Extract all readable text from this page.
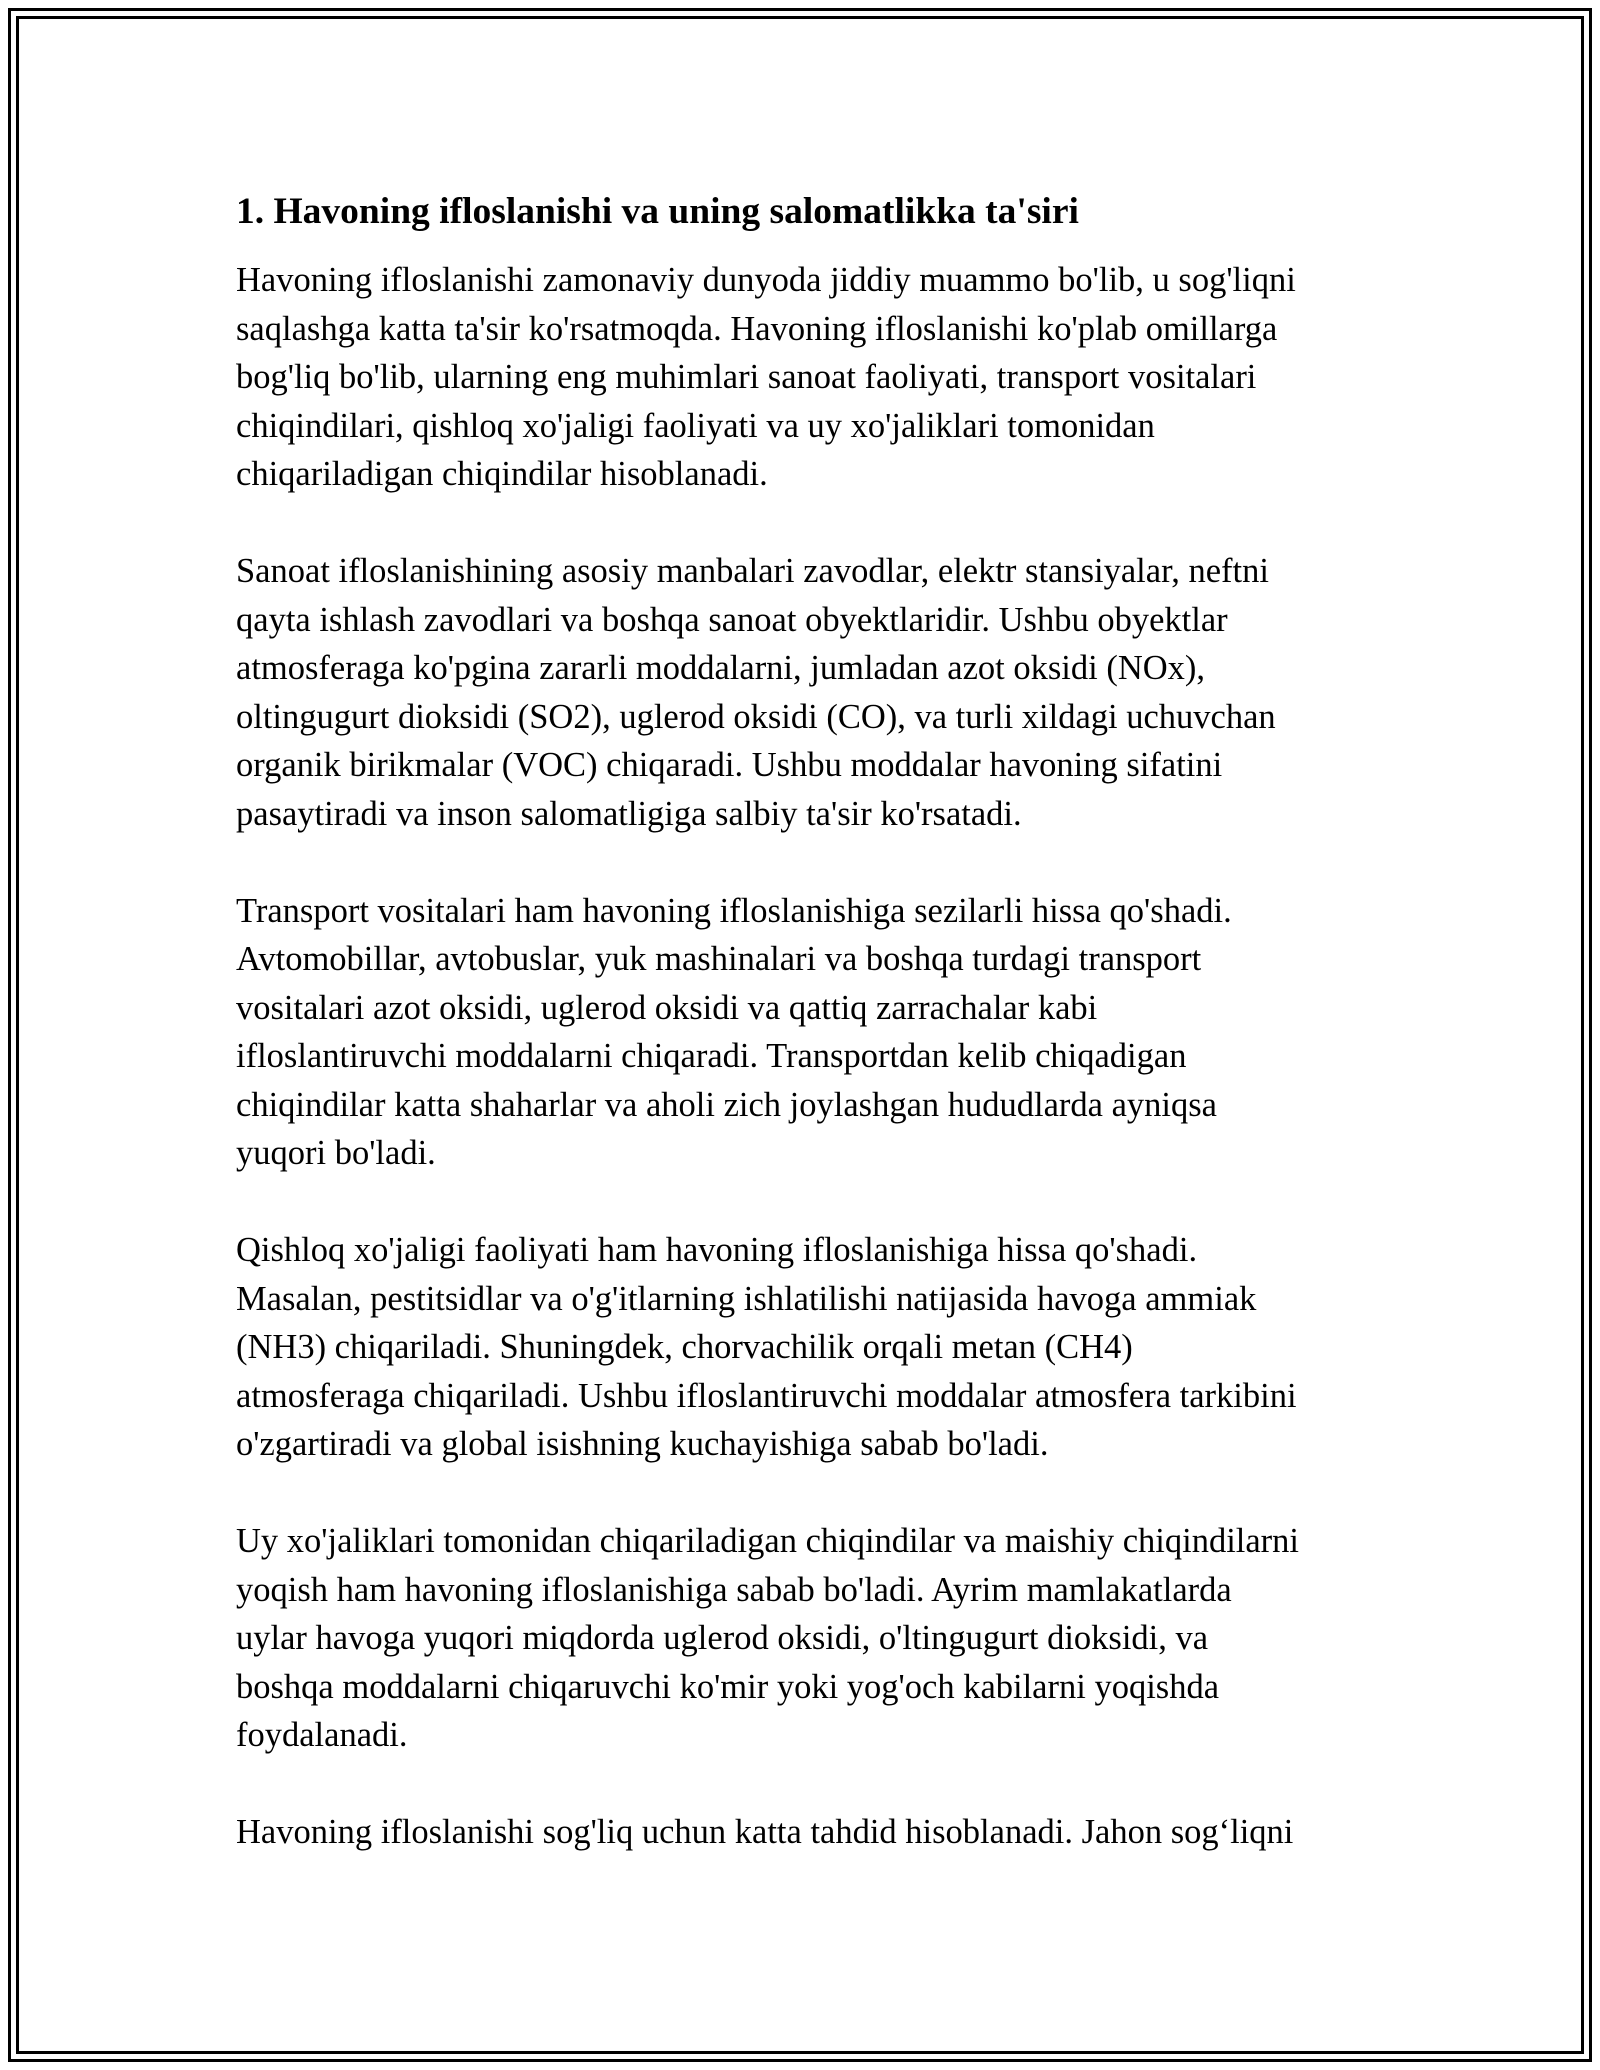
1. Havoning ifloslanishi va uning salomatlikka ta'siri

Havoning ifloslanishi zamonaviy dunyoda jiddiy muammo bo'lib, u sog'liqni
saqlashga katta ta'sir ko'rsatmoqda. Havoning ifloslanishi ko'plab omillarga
bog'liq bo'lib, ularning eng muhimlari sanoat faoliyati, transport vositalari
chiqindilari, qishloq xo'jaligi faoliyati va uy xo'jaliklari tomonidan
chiqariladigan chiqindilar hisoblanadi.

Sanoat ifloslanishining asosiy manbalari zavodlar, elektr stansiyalar, neftni
qayta ishlash zavodlari va boshqa sanoat obyektlaridir. Ushbu obyektlar
atmosferaga ko'pgina zararli moddalarni, jumladan azot oksidi (NOx),
oltingugurt dioksidi (SO2), uglerod oksidi (CO), va turli xildagi uchuvchan
organik birikmalar (VOC) chiqaradi. Ushbu moddalar havoning sifatini
pasaytiradi va inson salomatligiga salbiy ta'sir ko'rsatadi.

Transport vositalari ham havoning ifloslanishiga sezilarli hissa qo'shadi.
Avtomobillar, avtobuslar, yuk mashinalari va boshqa turdagi transport
vositalari azot oksidi, uglerod oksidi va qattiq zarrachalar kabi
ifloslantiruvchi moddalarni chiqaradi. Transportdan kelib chiqadigan
chiqindilar katta shaharlar va aholi zich joylashgan hududlarda ayniqsa
yuqori bo'ladi.

Qishloq xo'jaligi faoliyati ham havoning ifloslanishiga hissa qo'shadi.
Masalan, pestitsidlar va o'g'itlarning ishlatilishi natijasida havoga ammiak
(NH3) chiqariladi. Shuningdek, chorvachilik orqali metan (CH4)
atmosferaga chiqariladi. Ushbu ifloslantiruvchi moddalar atmosfera tarkibini
o'zgartiradi va global isishning kuchayishiga sabab bo'ladi.

Uy xo'jaliklari tomonidan chiqariladigan chiqindilar va maishiy chiqindilarni
yoqish ham havoning ifloslanishiga sabab bo'ladi. Ayrim mamlakatlarda
uylar havoga yuqori miqdorda uglerod oksidi, o'ltingugurt dioksidi, va
boshqa moddalarni chiqaruvchi ko'mir yoki yog'och kabilarni yoqishda
foydalanadi.

Havoning ifloslanishi sog'liq uchun katta tahdid hisoblanadi. Jahon sog‘liqni
